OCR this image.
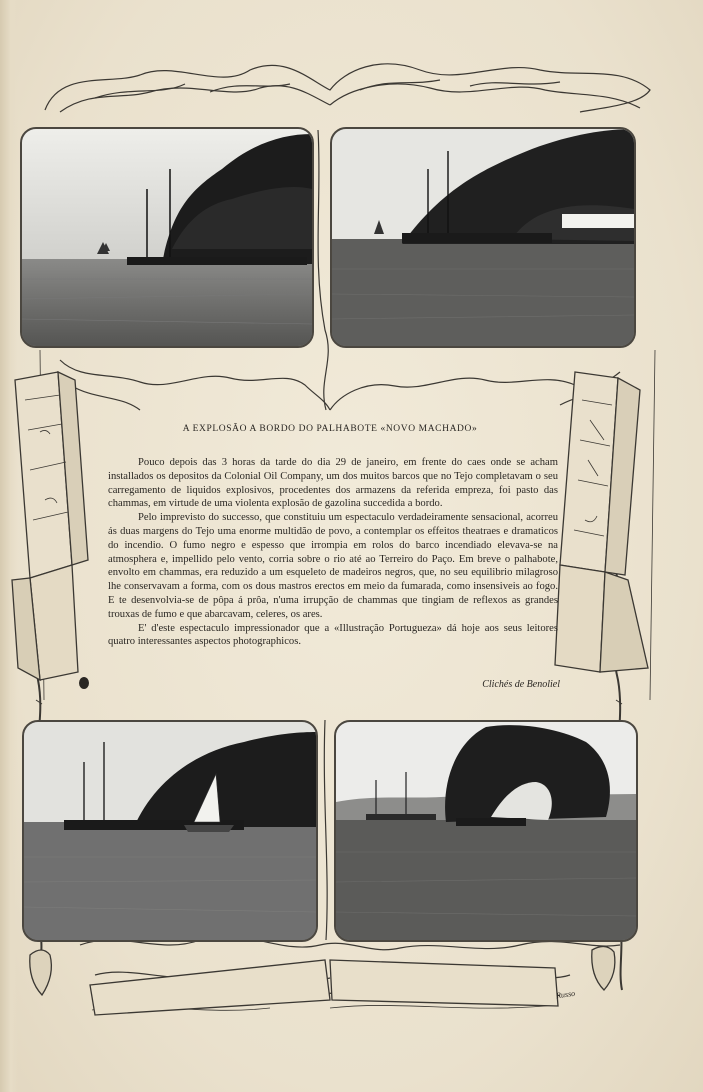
A EXPLOSÃO A BORDO DO PALHABOTE «NOVO MACHADO»

Pouco depois das 3 horas da tarde do dia 29 de janeiro, em frente do caes onde se acham installados os depositos da Colonial Oil Company, um dos muitos barcos que no Tejo completavam o seu carregamento de liquidos explosivos, procedentes dos armazens da referida empreza, foi pasto das chammas, em virtude de uma violenta explosão de gazolina succedida a bordo.

Pelo imprevisto do successo, que constituiu um espectaculo verdadeiramente sensacional, acorreu ás duas margens do Tejo uma enorme multidão de povo, a contemplar os effeitos theatraes e dramaticos do incendio. O fumo negro e espesso que irrompia em rolos do barco incendiado elevava-se na atmosphera e, impellido pelo vento, corria sobre o rio até ao Terreiro do Paço. Em breve o palhabote, envolto em chammas, era reduzido a um esqueleto de madeiros negros, que, no seu equilibrio milagroso lhe conservavam a forma, com os dous mastros erectos em meio da fumarada, como insensiveis ao fogo. E te desenvolvia-se de pôpa á prôa, n'uma irrupção de chammas que tingiam de reflexos as grandes trouxas de fumo e que abarcavam, celeres, os ares.

E' d'este espectaculo impressionador que a «Illustração Portugueza» dá hoje aos seus leitores quatro interessantes aspectos photographicos.

Clichés de Benoliel
Russo
